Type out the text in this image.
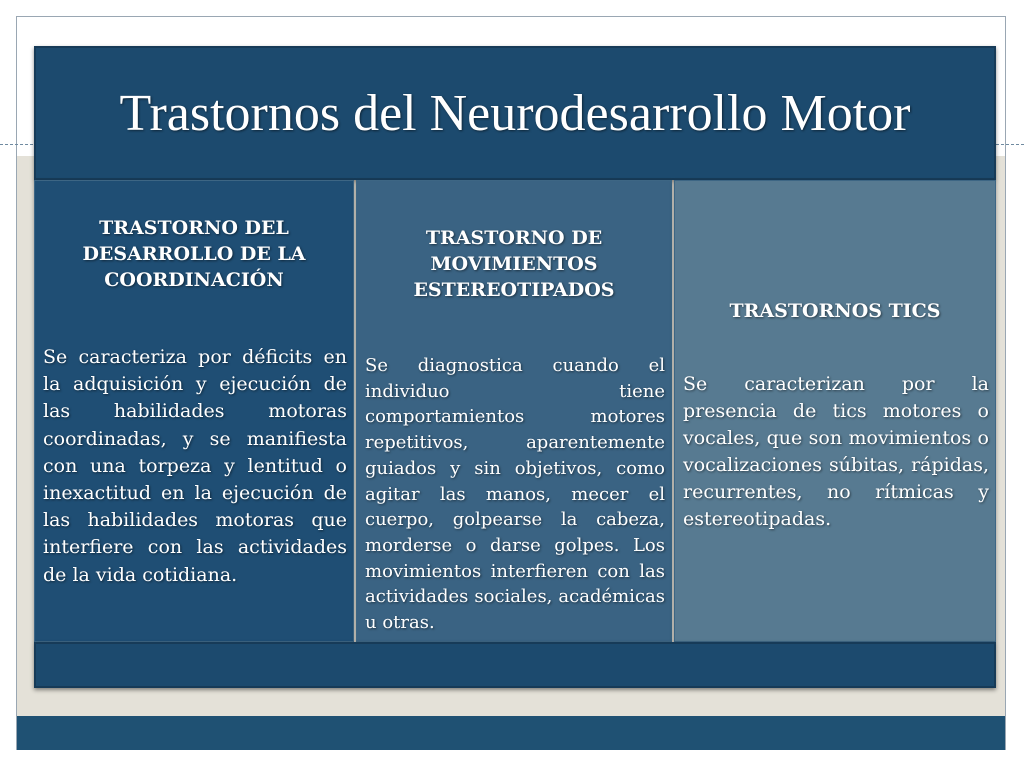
Trastornos del Neurodesarrollo Motor
TRASTORNO DEL DESARROLLO DE LA COORDINACIÓN
Se caracteriza por déficits en la adquisición y ejecución de las habilidades motoras coordinadas, y se manifiesta con una torpeza y lentitud o inexactitud en la ejecución de las habilidades motoras que interfiere con las actividades de la vida cotidiana.
TRASTORNO DE MOVIMIENTOS ESTEREOTIPADOS
Se diagnostica cuando el individuo tiene comportamientos motores repetitivos, aparentemente guiados y sin objetivos, como agitar las manos, mecer el cuerpo, golpearse la cabeza, morderse o darse golpes. Los movimientos interfieren con las actividades sociales, académicas u otras.
TRASTORNOS TICS
Se caracterizan por la presencia de tics motores o vocales, que son movimientos o vocalizaciones súbitas, rápidas, recurrentes, no rítmicas y estereotipadas.
